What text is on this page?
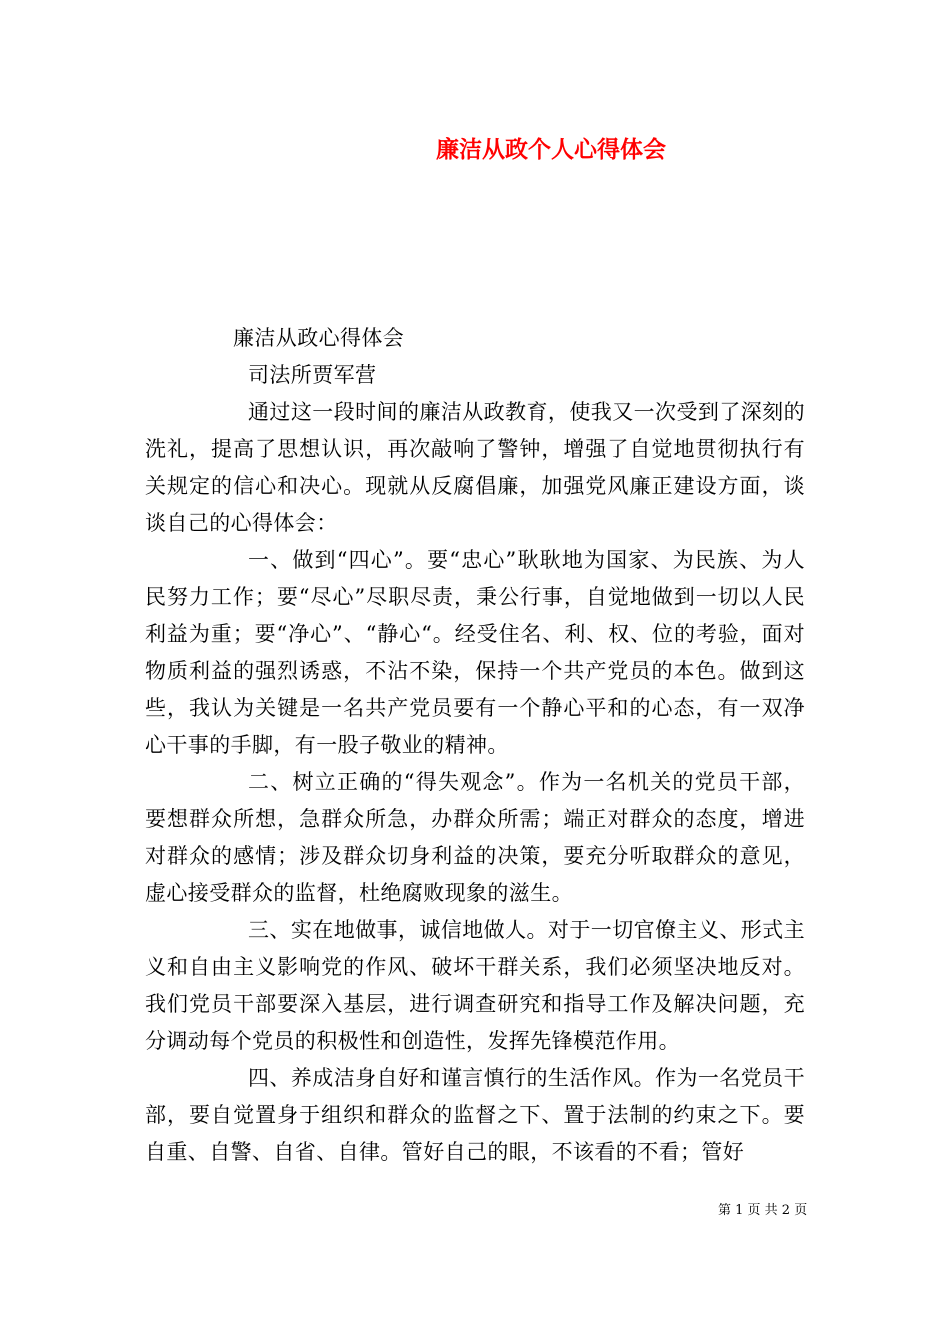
廉洁从政个人心得体会

廉洁从政心得体会

司法所贾军营

通过这一段时间的廉洁从政教育，使我又一次受到了深刻的洗礼，提高了思想认识，再次敲响了警钟，增强了自觉地贯彻执行有关规定的信心和决心。现就从反腐倡廉，加强党风廉正建设方面，谈谈自己的心得体会：

一、做到“四心”。要“忠心”耿耿地为国家、为民族、为人民努力工作；要“尽心”尽职尽责，秉公行事，自觉地做到一切以人民利益为重；要“净心”、“静心“。经受住名、利、权、位的考验，面对物质利益的强烈诱惑，不沾不染，保持一个共产党员的本色。做到这些，我认为关键是一名共产党员要有一个静心平和的心态，有一双净心干事的手脚，有一股子敬业的精神。

二、树立正确的“得失观念”。作为一名机关的党员干部，要想群众所想，急群众所急，办群众所需；端正对群众的态度，增进对群众的感情；涉及群众切身利益的决策，要充分听取群众的意见，虚心接受群众的监督，杜绝腐败现象的滋生。

三、实在地做事，诚信地做人。对于一切官僚主义、形式主义和自由主义影响党的作风、破坏干群关系，我们必须坚决地反对。我们党员干部要深入基层，进行调查研究和指导工作及解决问题，充分调动每个党员的积极性和创造性，发挥先锋模范作用。

四、养成洁身自好和谨言慎行的生活作风。作为一名党员干部，要自觉置身于组织和群众的监督之下、置于法制的约束之下。要自重、自警、自省、自律。管好自己的眼，不该看的不看；管好

第 1 页 共 2 页
